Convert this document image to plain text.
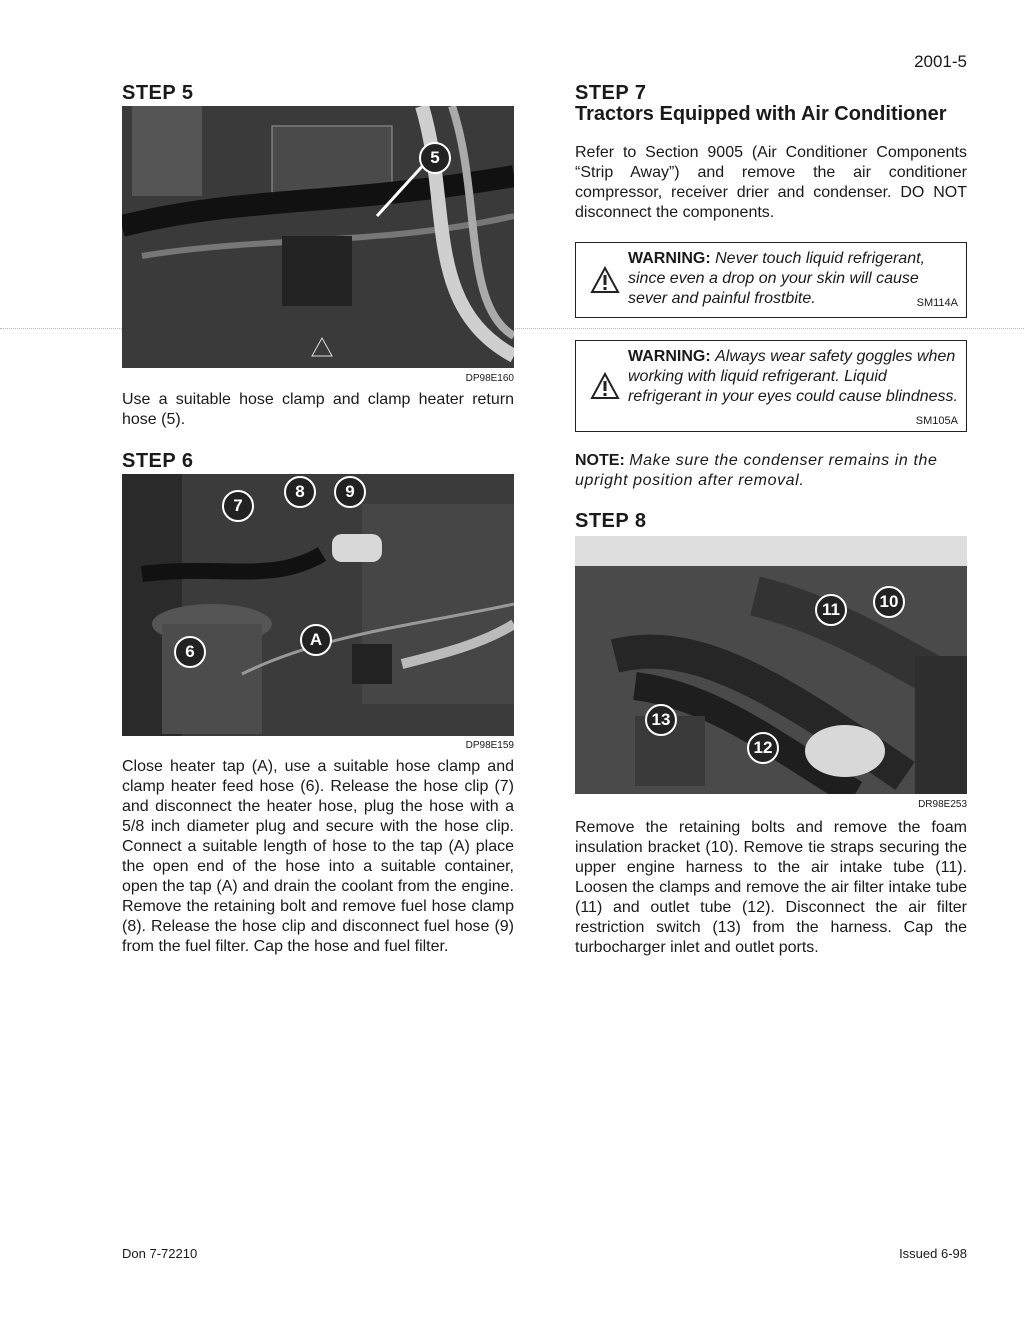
2001-5
STEP 5
5
DP98E160

Use a suitable hose clamp and clamp heater return hose (5).

STEP 6
7
8	9
6
A
DP98E159

Close heater tap (A), use a suitable hose clamp and clamp heater feed hose (6). Release the hose clip (7) and disconnect the heater hose, plug the hose with a 5/8 inch diameter plug and secure with the hose clip. Connect a suitable length of hose to the tap (A) place the open end of the hose into a suitable container, open the tap (A) and drain the coolant from the engine. Remove the retaining bolt and remove fuel hose clamp (8). Release the hose clip and disconnect fuel hose (9) from the fuel filter. Cap the hose and fuel filter.

STEP 7
Tractors Equipped with Air Conditioner

Refer to Section 9005 (Air Conditioner Components “Strip Away”) and remove the air conditioner compressor, receiver drier and condenser. DO NOT disconnect the components.

WARNING: Never touch liquid refrigerant, since even a drop on your skin will cause sever and painful frostbite.	SM114A
WARNING: Always wear safety goggles when working with liquid refrigerant. Liquid refrigerant in your eyes could cause blindness.
SM105A
NOTE: Make sure the condenser remains in the upright position after removal.
STEP 8
11	10
13
12
DR98E253

Remove the retaining bolts and remove the foam insulation bracket (10). Remove tie straps securing the upper engine harness to the air intake tube (11). Loosen the clamps and remove the air filter intake tube (11) and outlet tube (12). Disconnect the air filter restriction switch (13) from the harness. Cap the turbocharger inlet and outlet ports.

Don 7-72210	Issued 6-98
